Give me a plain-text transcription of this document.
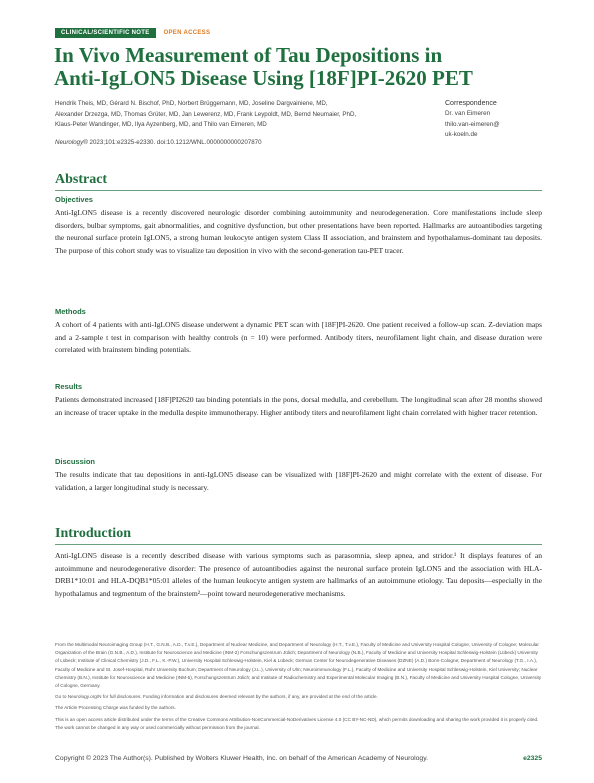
CLINICAL/SCIENTIFIC NOTE	OPEN ACCESS
In Vivo Measurement of Tau Depositions in
Anti-IgLON5 Disease Using [18F]PI-2620 PET
Hendrik Theis, MD, Gérard N. Bischof, PhD, Norbert Brüggemann, MD, Joseline Dargvainiene, MD,
Alexander Drzezga, MD, Thomas Grüter, MD, Jan Lewerenz, MD, Frank Leypoldt, MD, Bernd Neumaier, PhD,
Klaus-Peter Wandinger, MD, Ilya Ayzenberg, MD, and Thilo van Eimeren, MD
Neurology® 2023;101:e2325-e2330. doi:10.1212/WNL.0000000000207870
Correspondence
Dr. van Eimeren
thilo.van-eimeren@
uk-koeln.de
Abstract
Objectives

Anti-IgLON5 disease is a recently discovered neurologic disorder combining autoimmunity and neurodegeneration. Core manifestations include sleep disorders, bulbar symptoms, gait abnormalities, and cognitive dysfunction, but other presentations have been reported. Hallmarks are autoantibodies targeting the neuronal surface protein IgLON5, a strong human leukocyte antigen system Class II association, and brainstem and hypothalamus-dominant tau deposits. The purpose of this cohort study was to visualize tau deposition in vivo with the second-generation tau-PET tracer.

Methods

A cohort of 4 patients with anti-IgLON5 disease underwent a dynamic PET scan with [18F]PI-2620. One patient received a follow-up scan. Z-deviation maps and a 2-sample t test in comparison with healthy controls (n = 10) were performed. Antibody titers, neurofilament light chain, and disease duration were correlated with brainstem binding potentials.

Results

Patients demonstrated increased [18F]PI2620 tau binding potentials in the pons, dorsal medulla, and cerebellum. The longitudinal scan after 28 months showed an increase of tracer uptake in the medulla despite immunotherapy. Higher antibody titers and neurofilament light chain correlated with higher tracer retention.

Discussion

The results indicate that tau depositions in anti-IgLON5 disease can be visualized with [18F]PI-2620 and might correlate with the extent of disease. For validation, a larger longitudinal study is necessary.

Introduction

Anti-IgLON5 disease is a recently described disease with various symptoms such as parasomnia, sleep apnea, and stridor.¹ It displays features of an autoimmune and neurodegenerative disorder: The presence of autoantibodies against the neuronal surface protein IgLON5 and the association with HLA-DRB1*10:01 and HLA-DQB1*05:01 alleles of the human leukocyte antigen system are hallmarks of an autoimmune etiology. Tau deposits—especially in the hypothalamus and tegmentum of the brainstem²—point toward neurodegenerative mechanisms.

From the Multimodal Neuroimaging Group (H.T., G.N.B., A.D., T.v.E.), Department of Nuclear Medicine, and Department of Neurology (H.T., T.v.E.), Faculty of Medicine and University Hospital Cologne, University of Cologne; Molecular Organization of the Brain (G.N.B., A.D.), Institute for Neuroscience and Medicine (INM-2) Forschungszentrum Jülich; Department of Neurology (N.B.), Faculty of Medicine and University Hospital Schleswig-Holstein (Lübeck) University of Lübeck; Institute of Clinical Chemistry (J.D., F.L., K.-P.W.), University Hospital Schleswig-Holstein, Kiel & Lübeck; German Center for Neurodegenerative Diseases (DZNE) (A.D.) Bonn-Cologne; Department of Neurology (T.G., I.A.), Faculty of Medicine and St. Josef-Hospital, Ruhr University Bochum; Department of Neurology (J.L.), University of Ulm; Neuroimmunology (F.L.), Faculty of Medicine and University Hospital Schleswig-Holstein, Kiel University; Nuclear Chemistry (B.N.), Institute for Neuroscience and Medicine (INM-5), Forschungszentrum Jülich; and Institute of Radiochemistry and Experimental Molecular Imaging (B.N.), Faculty of Medicine and University Hospital Cologne, University of Cologne, Germany.

Go to Neurology.org/N for full disclosures. Funding information and disclosures deemed relevant by the authors, if any, are provided at the end of the article.

The Article Processing Charge was funded by the authors.

This is an open access article distributed under the terms of the Creative Commons Attribution-NonCommercial-NoDerivatives License 4.0 (CC BY-NC-ND), which permits downloading and sharing the work provided it is properly cited. The work cannot be changed in any way or used commercially without permission from the journal.

Copyright © 2023 The Author(s). Published by Wolters Kluwer Health, Inc. on behalf of the American Academy of Neurology.	e2325
